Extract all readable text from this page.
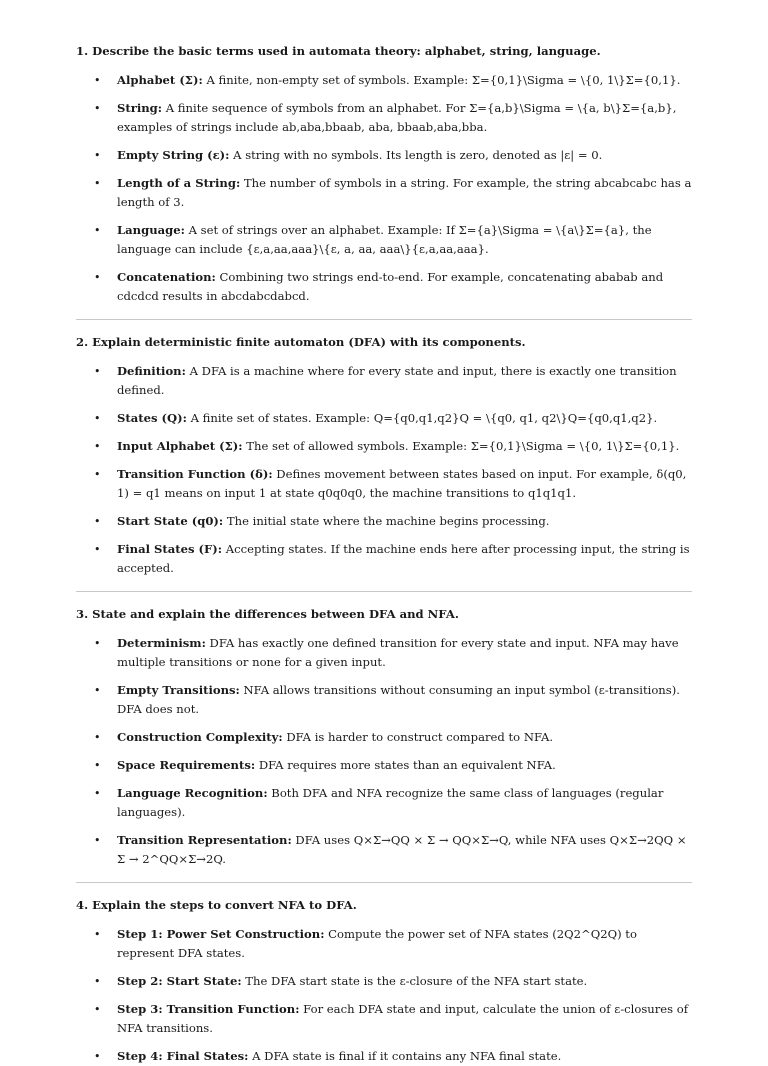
1. Describe the basic terms used in automata theory: alphabet, string, language.
• Alphabet (Σ): A finite, non-empty set of symbols. Example: Σ={0,1}\Sigma = \{0, 1\}Σ={0,1}.
• String: A finite sequence of symbols from an alphabet. For Σ={a,b}\Sigma = \{a, b\}Σ={a,b}, examples of strings include ab,aba,bbaab, aba, bbaab,aba,bba.
• Empty String (ε): A string with no symbols. Its length is zero, denoted as |ε| = 0.
• Length of a String: The number of symbols in a string. For example, the string abcabcabc has a length of 3.
• Language: A set of strings over an alphabet. Example: If Σ={a}\Sigma = \{a\}Σ={a}, the language can include {ε,a,aa,aaa}\{ε, a, aa, aaa\}{ε,a,aa,aaa}.
• Concatenation: Combining two strings end-to-end. For example, concatenating ababab and cdcdcd results in abcdabcdabcd.
2. Explain deterministic finite automaton (DFA) with its components.
• Definition: A DFA is a machine where for every state and input, there is exactly one transition defined.
• States (Q): A finite set of states. Example: Q={q0,q1,q2}Q = \{q0, q1, q2\}Q={q0,q1,q2}.
• Input Alphabet (Σ): The set of allowed symbols. Example: Σ={0,1}\Sigma = \{0, 1\}Σ={0,1}.
• Transition Function (δ): Defines movement between states based on input. For example, δ(q0, 1) = q1 means on input 1 at state q0q0q0, the machine transitions to q1q1q1.
• Start State (q0): The initial state where the machine begins processing.
• Final States (F): Accepting states. If the machine ends here after processing input, the string is accepted.
3. State and explain the differences between DFA and NFA.
• Determinism: DFA has exactly one defined transition for every state and input. NFA may have multiple transitions or none for a given input.
• Empty Transitions: NFA allows transitions without consuming an input symbol (ε-transitions). DFA does not.
• Construction Complexity: DFA is harder to construct compared to NFA.
• Space Requirements: DFA requires more states than an equivalent NFA.
• Language Recognition: Both DFA and NFA recognize the same class of languages (regular languages).
• Transition Representation: DFA uses Q×Σ→QQ × Σ → QQ×Σ→Q, while NFA uses Q×Σ→2QQ × Σ → 2^QQ×Σ→2Q.
4. Explain the steps to convert NFA to DFA.
• Step 1: Power Set Construction: Compute the power set of NFA states (2Q2^Q2Q) to represent DFA states.
• Step 2: Start State: The DFA start state is the ε-closure of the NFA start state.
• Step 3: Transition Function: For each DFA state and input, calculate the union of ε-closures of NFA transitions.
• Step 4: Final States: A DFA state is final if it contains any NFA final state.
